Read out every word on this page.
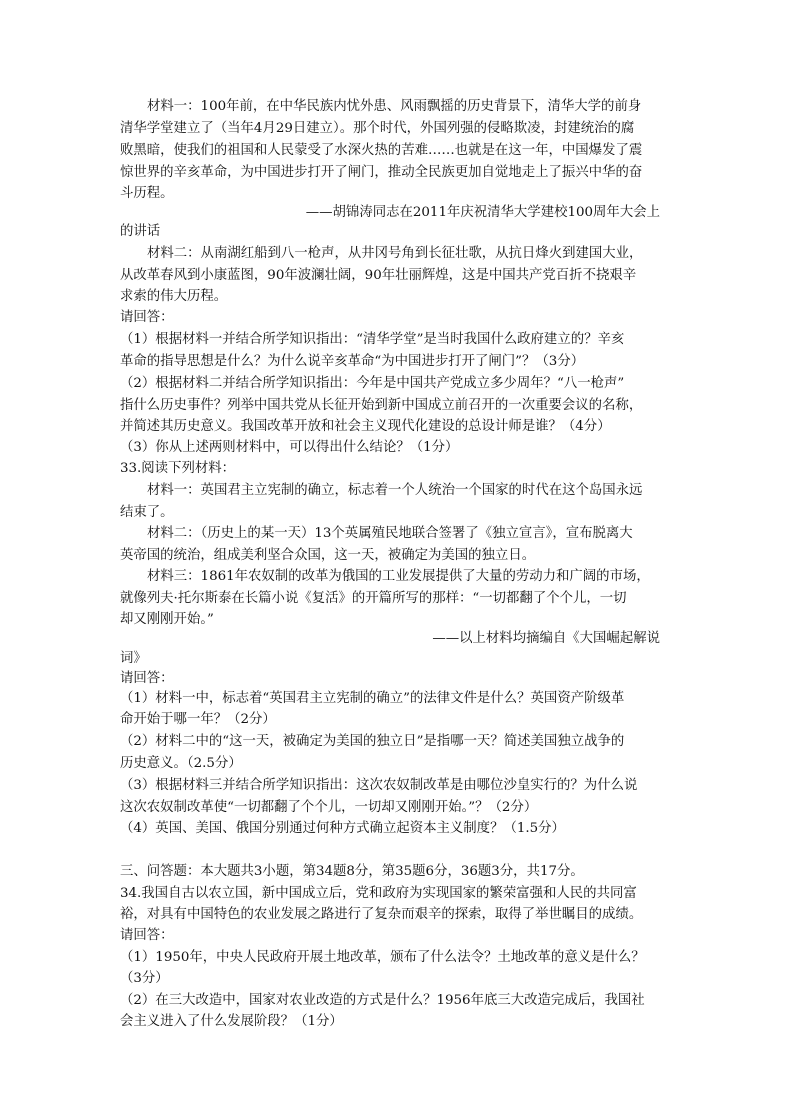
材料一：100年前，在中华民族内忧外患、风雨飘摇的历史背景下，清华大学的前身
清华学堂建立了（当年4月29日建立）。那个时代，外国列强的侵略欺凌，封建统治的腐
败黑暗，使我们的祖国和人民蒙受了水深火热的苦难……也就是在这一年，中国爆发了震
惊世界的辛亥革命，为中国进步打开了闸门，推动全民族更加自觉地走上了振兴中华的奋
斗历程。
——胡锦涛同志在2011年庆祝清华大学建校100周年大会上
的讲话
材料二：从南湖红船到八一枪声，从井冈号角到长征壮歌，从抗日烽火到建国大业，
从改革春风到小康蓝图，90年波澜壮阔，90年壮丽辉煌，这是中国共产党百折不挠艰辛
求索的伟大历程。
请回答：
（1）根据材料一并结合所学知识指出：“清华学堂”是当时我国什么政府建立的？辛亥
革命的指导思想是什么？为什么说辛亥革命“为中国进步打开了闸门”？（3分）
（2）根据材料二并结合所学知识指出：今年是中国共产党成立多少周年？“八一枪声”
指什么历史事件？列举中国共党从长征开始到新中国成立前召开的一次重要会议的名称，
并简述其历史意义。我国改革开放和社会主义现代化建设的总设计师是谁？（4分）
（3）你从上述两则材料中，可以得出什么结论？（1分）
33.阅读下列材料：
材料一：英国君主立宪制的确立，标志着一个人统治一个国家的时代在这个岛国永远
结束了。
材料二：（历史上的某一天）13个英属殖民地联合签署了《独立宣言》，宣布脱离大
英帝国的统治，组成美利坚合众国，这一天，被确定为美国的独立日。
材料三：1861年农奴制的改革为俄国的工业发展提供了大量的劳动力和广阔的市场，
就像列夫·托尔斯泰在长篇小说《复活》的开篇所写的那样：“一切都翻了个个儿，一切
却又刚刚开始。”
——以上材料均摘编自《大国崛起解说
词》
请回答：
（1）材料一中，标志着“英国君主立宪制的确立”的法律文件是什么？英国资产阶级革
命开始于哪一年？（2分）
（2）材料二中的“这一天，被确定为美国的独立日”是指哪一天？简述美国独立战争的
历史意义。（2.5分）
（3）根据材料三并结合所学知识指出：这次农奴制改革是由哪位沙皇实行的？为什么说
这次农奴制改革使“一切都翻了个个儿，一切却又刚刚开始。”？（2分）
（4）英国、美国、俄国分别通过何种方式确立起资本主义制度？（1.5分）
三、问答题：本大题共3小题，第34题8分，第35题6分，36题3分，共17分。
34.我国自古以农立国，新中国成立后，党和政府为实现国家的繁荣富强和人民的共同富
裕，对具有中国特色的农业发展之路进行了复杂而艰辛的探索，取得了举世瞩目的成绩。
请回答：
（1）1950年，中央人民政府开展土地改革，颁布了什么法令？土地改革的意义是什么？
（3分）
（2）在三大改造中，国家对农业改造的方式是什么？1956年底三大改造完成后，我国社
会主义进入了什么发展阶段？（1分）
